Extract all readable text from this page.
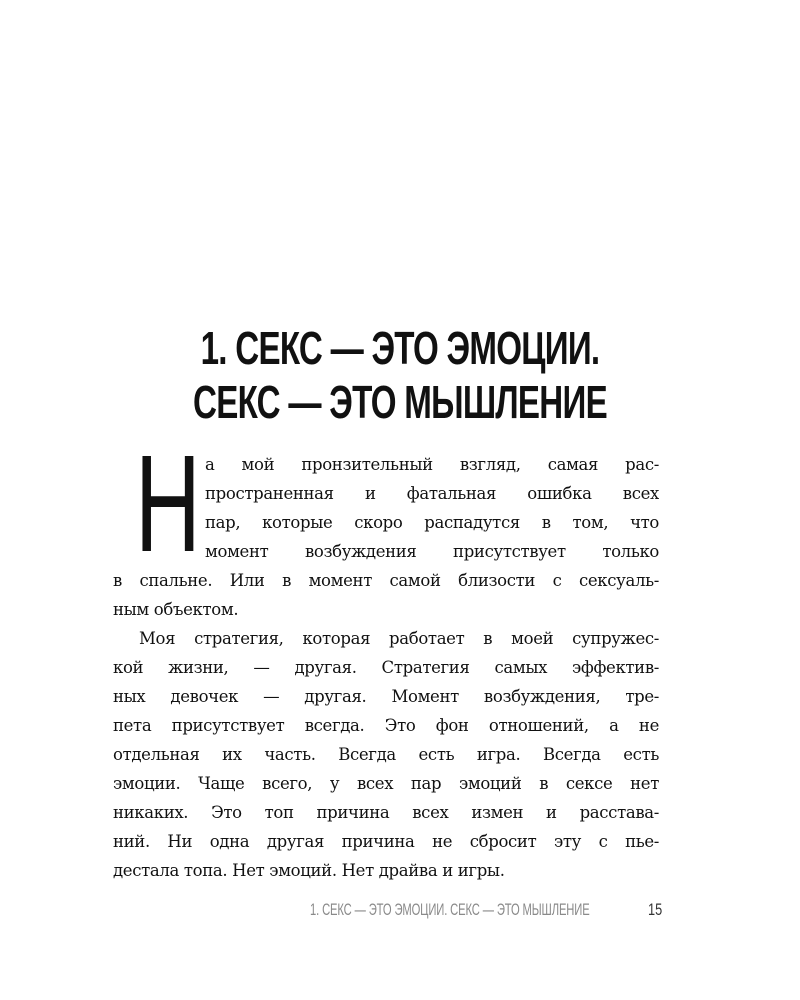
1. СЕКС — ЭТО ЭМОЦИИ.
СЕКС — ЭТО МЫШЛЕНИЕ
Н а мой пронзительный взгляд, самая рас-
пространенная и фатальная ошибка всех
пар, которые скоро распадутся в том, что
момент возбуждения присутствует только
в спальне. Или в момент самой близости с сексуаль-
ным объектом.
Моя стратегия, которая работает в моей супружес-
кой жизни, — другая. Стратегия самых эффектив-
ных девочек — другая. Момент возбуждения, тре-
пета присутствует всегда. Это фон отношений, а не
отдельная их часть. Всегда есть игра. Всегда есть
эмоции. Чаще всего, у всех пар эмоций в сексе нет
никаких. Это топ причина всех измен и расстава-
ний. Ни одна другая причина не сбросит эту с пье-
дестала топа. Нет эмоций. Нет драйва и игры.
1. СЕКС — ЭТО ЭМОЦИИ. СЕКС — ЭТО МЫШЛЕНИЕ	15
